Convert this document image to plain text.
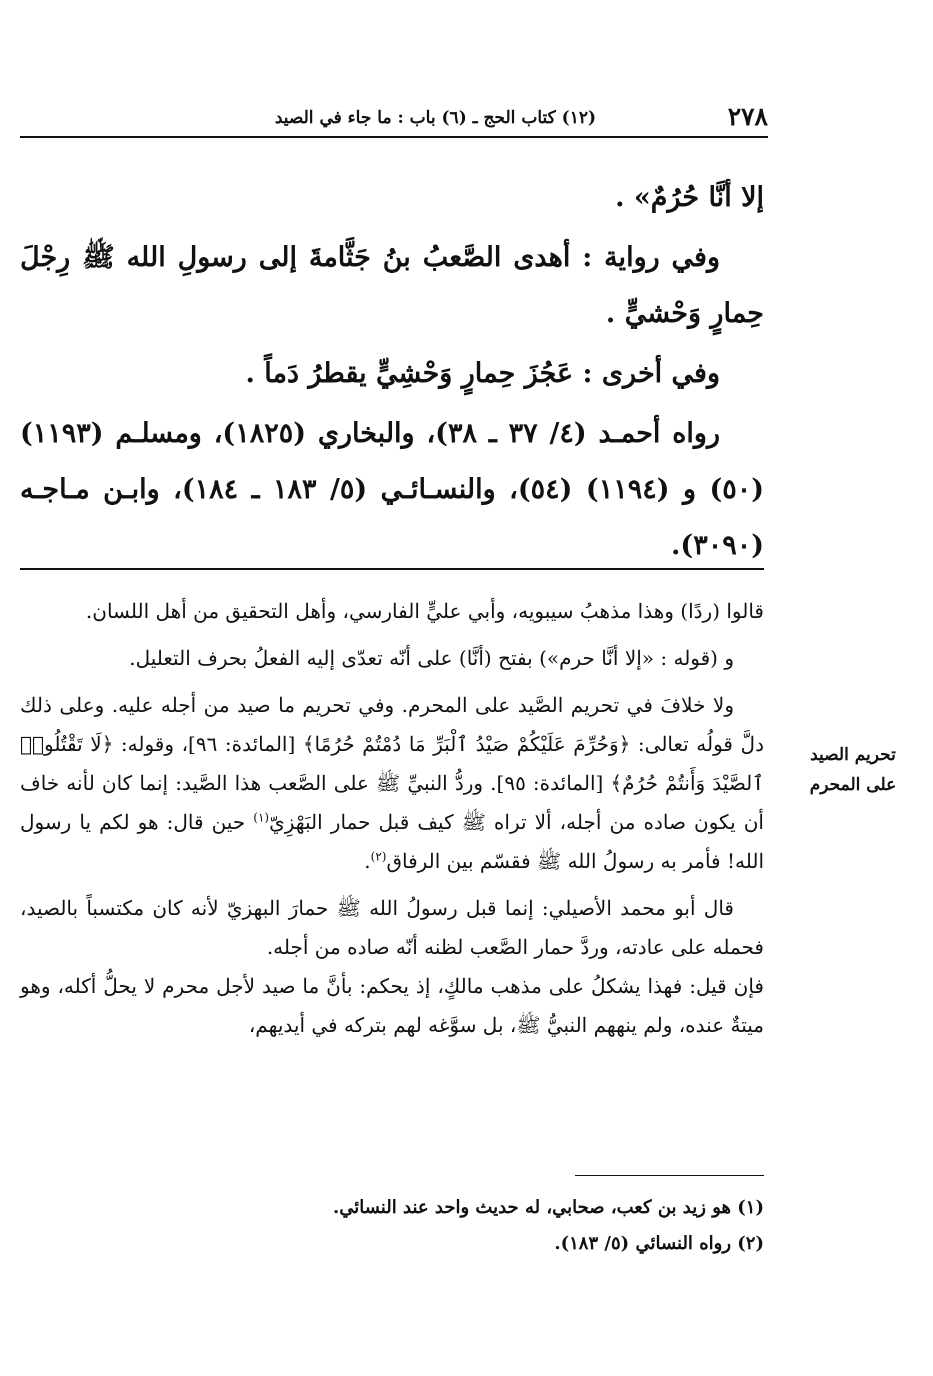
٢٧٨
(١٢) كتاب الحج ـ (٦) باب : ما جاء في الصيد

إلا أنَّا حُرُمٌ» .

وفي رواية : أهدى الصَّعبُ بنُ جَثَّامةَ إلى رسولِ الله ﷺ رِجْلَ حِمارٍ وَحْشيٍّ .

وفي أخرى : عَجُزَ حِمارٍ وَحْشِيٍّ يقطرُ دَماً .

رواه أحمـد (٤/ ٣٧ ـ ٣٨)، والبخاري (١٨٢٥)، ومسلـم (١١٩٣) (٥٠) و (١١٩٤) (٥٤)، والنسـائـي (٥/ ١٨٣ ـ ١٨٤)، وابـن مـاجـه (٣٠٩٠).

قالوا (ردًا) وهذا مذهبُ سيبويه، وأبي عليٍّ الفارسي، وأهل التحقيق من أهل اللسان.

و (قوله : «إلا أنَّا حرم») بفتح (أنَّا) على أنّه تعدّى إليه الفعلُ بحرف التعليل.

ولا خلافَ في تحريم الصَّيد على المحرم. وفي تحريم ما صيد من أجله عليه. وعلى ذلك دلَّ قولُه تعالى: ﴿وَحُرِّمَ عَلَيْكُمْ صَيْدُ ٱلْبَرِّ مَا دُمْتُمْ حُرُمًا﴾ [المائدة: ٩٦]، وقوله: ﴿لَا تَقْتُلُوا۟ ٱلصَّيْدَ وَأَنتُمْ حُرُمٌ﴾ [المائدة: ٩٥]. وردُّ النبيِّ ﷺ على الصَّعب هذا الصَّيد: إنما كان لأنه خاف أن يكون صاده من أجله، ألا تراه ﷺ كيف قبل حمار البَهْزِيّ$^{(١)}$ حين قال: هو لكم يا رسول الله! فأمر به رسولُ الله ﷺ فقسّم بين الرفاق$^{(٢)}$.

قال أبو محمد الأصيلي: إنما قبل رسولُ الله ﷺ حمارَ البهزيّ لأنه كان مكتسباً بالصيد، فحمله على عادته، وردَّ حمار الصَّعب لظنه أنّه صاده من أجله.

فإن قيل: فهذا يشكلُ على مذهب مالكٍ، إذ يحكم: بأنَّ ما صيد لأجل محرم لا يحلُّ أكله، وهو ميتةٌ عنده، ولم ينههم النبيُّ ﷺ، بل سوَّغه لهم بتركه في أيديهم،

تحريم الصيد
على المحرم

(١) هو زيد بن كعب، صحابي، له حديث واحد عند النسائي.

(٢) رواه النسائي (٥/ ١٨٣).
